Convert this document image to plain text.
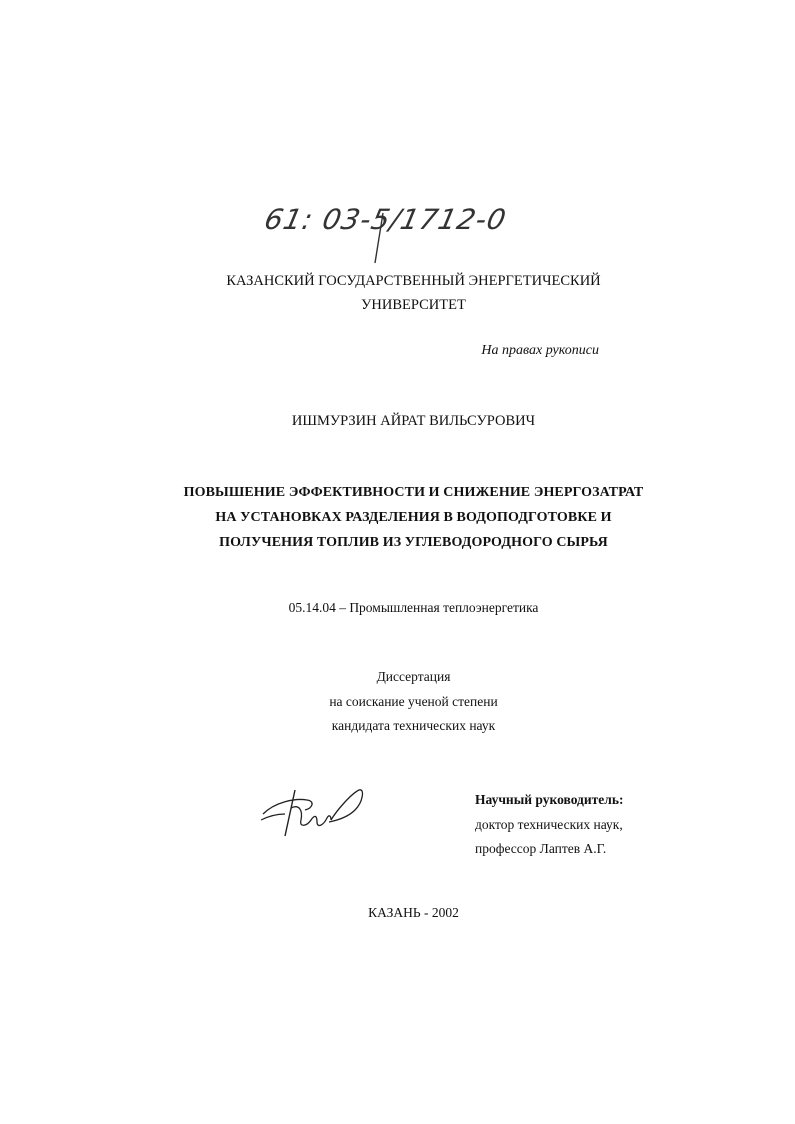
61: 03-5/1712-0
КАЗАНСКИЙ ГОСУДАРСТВЕННЫЙ ЭНЕРГЕТИЧЕСКИЙ
УНИВЕРСИТЕТ
На правах рукописи
ИШМУРЗИН АЙРАТ ВИЛЬСУРОВИЧ
ПОВЫШЕНИЕ ЭФФЕКТИВНОСТИ И СНИЖЕНИЕ ЭНЕРГОЗАТРАТ
НА УСТАНОВКАХ РАЗДЕЛЕНИЯ В ВОДОПОДГОТОВКЕ И
ПОЛУЧЕНИЯ ТОПЛИВ ИЗ УГЛЕВОДОРОДНОГО СЫРЬЯ
05.14.04 – Промышленная теплоэнергетика
Диссертация
на соискание ученой степени
кандидата технических наук
Научный руководитель:
доктор технических наук,
профессор Лаптев А.Г.
КАЗАНЬ - 2002
